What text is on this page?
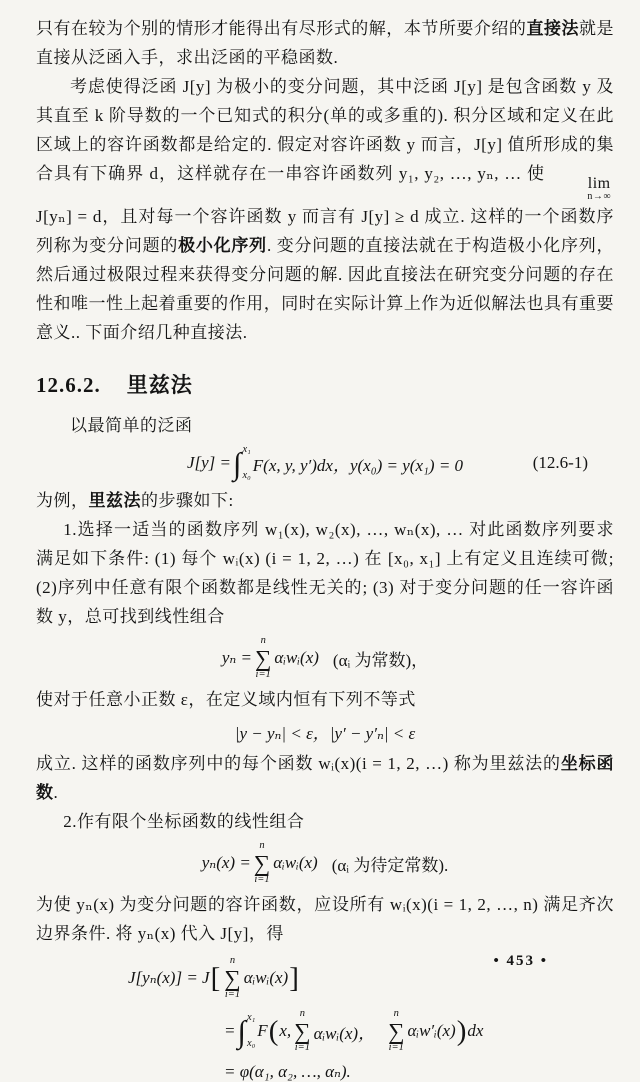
只有在较为个别的情形才能得出有尽形式的解，本节所要介绍的直接法就是直接从泛函入手，求出泛函的平稳函数.

考虑使得泛函 J[y] 为极小的变分问题，其中泛函 J[y] 是包含函数 y 及其直至 k 阶导数的一个已知式的积分(单的或多重的). 积分区域和定义在此区域上的容许函数都是给定的. 假定对容许函数 y 而言，J[y] 值所形成的集合具有下确界 d，这样就存在一串容许函数列 y₁, y₂, …, yₙ, … 使
lim
n→∞
J[yₙ] = d，且对每一个容许函数 y 而言有 J[y] ≥ d 成立. 这样的一个函数序列称为变分问题的极小化序列. 变分问题的直接法就在于构造极小化序列，然后通过极限过程来获得变分问题的解. 因此直接法在研究变分问题的存在性和唯一性上起着重要的作用，同时在实际计算上作为近似解法也具有重要意义.. 下面介绍几种直接法.

12.6.2. 里兹法

以最简单的泛函

J[y] = ∫ x₁
x₀
F(x, y, y′)dx，y(x₀) = y(x₁) = 0	(12.6-1)

为例，里兹法的步骤如下:

1.选择一适当的函数序列 w₁(x), w₂(x), …, wₙ(x), … 对此函数序列要求满足如下条件: (1) 每个 wᵢ(x) (i = 1, 2, …) 在 [x₀, x₁] 上有定义且连续可微; (2)序列中任意有限个函数都是线性无关的; (3) 对于变分问题的任一容许函数 y，总可找到线性组合

yₙ =
n
∑
i=1
αᵢwᵢ(x) (αᵢ 为常数)，

使对于任意小正数 ε，在定义域内恒有下列不等式

|y − yₙ| < ε，|y′ − y′ₙ| < ε

成立. 这样的函数序列中的每个函数 wᵢ(x)(i = 1, 2, …) 称为里兹法的坐标函数.

2.作有限个坐标函数的线性组合

yₙ(x) =
n
∑
i=1
αᵢwᵢ(x) (αᵢ 为待定常数).

为使 yₙ(x) 为变分问题的容许函数，应设所有 wᵢ(x)(i = 1, 2, …, n) 满足齐次边界条件. 将 yₙ(x) 代入 J[y]，得

J[yₙ(x)] = J [
n
∑
i=1
αᵢwᵢ(x) ]
= ∫ x₁
x₀
F ( x,
n
∑
i=1
αᵢwᵢ(x)，
n
∑
i=1
αᵢw′ᵢ(x) ) dx
= φ(α₁, α₂, …, αₙ).
• 453 •
